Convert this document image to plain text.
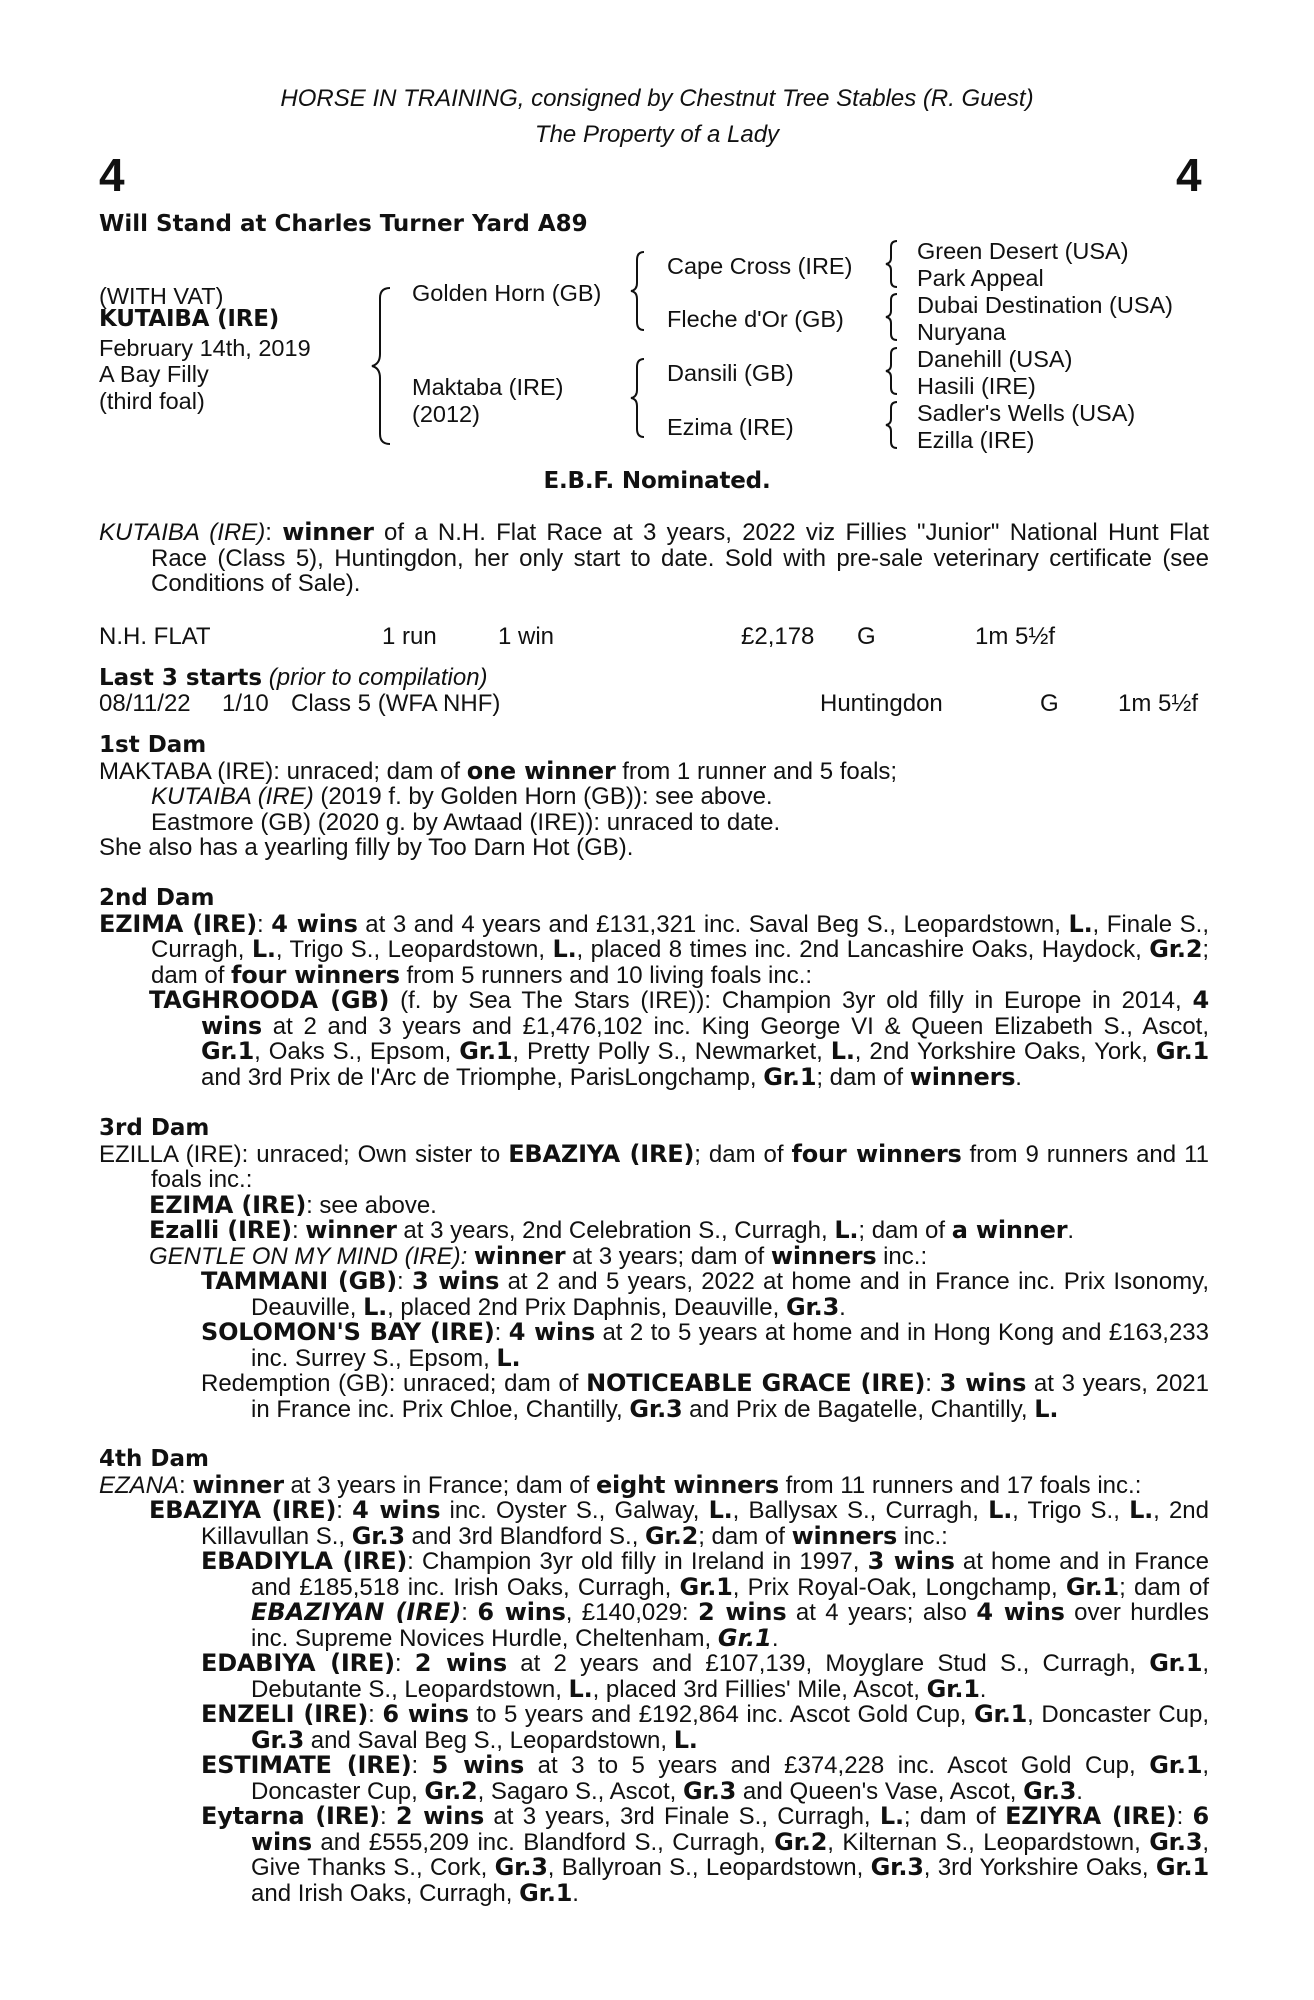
HORSE IN TRAINING, consigned by Chestnut Tree Stables (R. Guest)
The Property of a Lady
4	4
Will Stand at Charles Turner Yard A89
(WITH VAT)
KUTAIBA (IRE)
February 14th, 2019
A Bay Filly
(third foal)
Golden Horn (GB)
Maktaba (IRE)
(2012)
Cape Cross (IRE)
Fleche d'Or (GB)
Dansili (GB)
Ezima (IRE)
Green Desert (USA)
Park Appeal
Dubai Destination (USA)
Nuryana
Danehill (USA)
Hasili (IRE)
Sadler's Wells (USA)
Ezilla (IRE)
E.B.F. Nominated.

KUTAIBA (IRE): winner of a N.H. Flat Race at 3 years, 2022 viz Fillies "Junior" National Hunt Flat Race (Class 5), Huntingdon, her only start to date. Sold with pre-sale veterinary certificate (see Conditions of Sale).

N.H. FLAT	1 run	1 win	£2,178 G	1m 5½f
Last 3 starts (prior to compilation)
08/11/22 1/10 Class 5 (WFA NHF)	Huntingdon	G 1m 5½f
1st Dam

MAKTABA (IRE): unraced; dam of one winner from 1 runner and 5 foals;

KUTAIBA (IRE) (2019 f. by Golden Horn (GB)): see above.

Eastmore (GB) (2020 g. by Awtaad (IRE)): unraced to date.

She also has a yearling filly by Too Darn Hot (GB).

2nd Dam

EZIMA (IRE): 4 wins at 3 and 4 years and £131,321 inc. Saval Beg S., Leopardstown, L., Finale S., Curragh, L., Trigo S., Leopardstown, L., placed 8 times inc. 2nd Lancashire Oaks, Haydock, Gr.2; dam of four winners from 5 runners and 10 living foals inc.:

TAGHROODA (GB) (f. by Sea The Stars (IRE)): Champion 3yr old filly in Europe in 2014, 4 wins at 2 and 3 years and £1,476,102 inc. King George VI & Queen Elizabeth S., Ascot, Gr.1, Oaks S., Epsom, Gr.1, Pretty Polly S., Newmarket, L., 2nd Yorkshire Oaks, York, Gr.1 and 3rd Prix de l'Arc de Triomphe, ParisLongchamp, Gr.1; dam of winners.

3rd Dam

EZILLA (IRE): unraced; Own sister to EBAZIYA (IRE); dam of four winners from 9 runners and 11 foals inc.:

EZIMA (IRE): see above.

Ezalli (IRE): winner at 3 years, 2nd Celebration S., Curragh, L.; dam of a winner.

GENTLE ON MY MIND (IRE): winner at 3 years; dam of winners inc.:

TAMMANI (GB): 3 wins at 2 and 5 years, 2022 at home and in France inc. Prix Isonomy, Deauville, L., placed 2nd Prix Daphnis, Deauville, Gr.3.

SOLOMON'S BAY (IRE): 4 wins at 2 to 5 years at home and in Hong Kong and £163,233 inc. Surrey S., Epsom, L.

Redemption (GB): unraced; dam of NOTICEABLE GRACE (IRE): 3 wins at 3 years, 2021 in France inc. Prix Chloe, Chantilly, Gr.3 and Prix de Bagatelle, Chantilly, L.

4th Dam

EZANA: winner at 3 years in France; dam of eight winners from 11 runners and 17 foals inc.:

EBAZIYA (IRE): 4 wins inc. Oyster S., Galway, L., Ballysax S., Curragh, L., Trigo S., L., 2nd Killavullan S., Gr.3 and 3rd Blandford S., Gr.2; dam of winners inc.:

EBADIYLA (IRE): Champion 3yr old filly in Ireland in 1997, 3 wins at home and in France and £185,518 inc. Irish Oaks, Curragh, Gr.1, Prix Royal-Oak, Longchamp, Gr.1; dam of EBAZIYAN (IRE): 6 wins, £140,029: 2 wins at 4 years; also 4 wins over hurdles inc. Supreme Novices Hurdle, Cheltenham, Gr.1.

EDABIYA (IRE): 2 wins at 2 years and £107,139, Moyglare Stud S., Curragh, Gr.1, Debutante S., Leopardstown, L., placed 3rd Fillies' Mile, Ascot, Gr.1.

ENZELI (IRE): 6 wins to 5 years and £192,864 inc. Ascot Gold Cup, Gr.1, Doncaster Cup, Gr.3 and Saval Beg S., Leopardstown, L.

ESTIMATE (IRE): 5 wins at 3 to 5 years and £374,228 inc. Ascot Gold Cup, Gr.1, Doncaster Cup, Gr.2, Sagaro S., Ascot, Gr.3 and Queen's Vase, Ascot, Gr.3.

Eytarna (IRE): 2 wins at 3 years, 3rd Finale S., Curragh, L.; dam of EZIYRA (IRE): 6 wins and £555,209 inc. Blandford S., Curragh, Gr.2, Kilternan S., Leopardstown, Gr.3, Give Thanks S., Cork, Gr.3, Ballyroan S., Leopardstown, Gr.3, 3rd Yorkshire Oaks, Gr.1 and Irish Oaks, Curragh, Gr.1.
